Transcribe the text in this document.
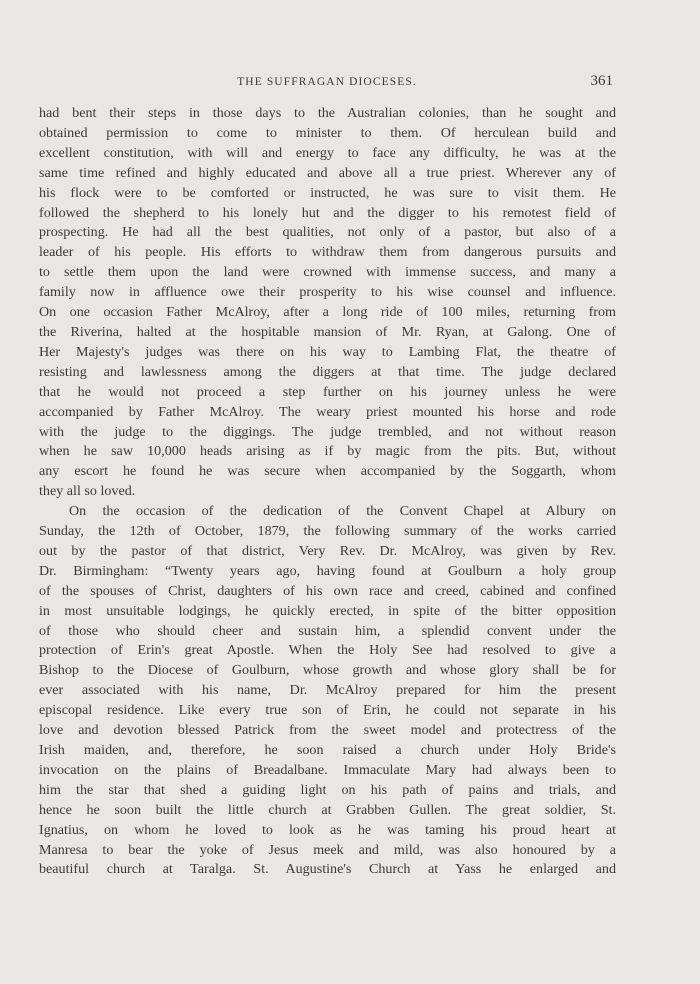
THE SUFFRAGAN DIOCESES.	361
had bent their steps in those days to the Australian colonies, than he sought and
obtained permission to come to minister to them. Of herculean build and
excellent constitution, with will and energy to face any difficulty, he was at the
same time refined and highly educated and above all a true priest. Wherever any of
his flock were to be comforted or instructed, he was sure to visit them. He
followed the shepherd to his lonely hut and the digger to his remotest field of
prospecting. He had all the best qualities, not only of a pastor, but also of a
leader of his people. His efforts to withdraw them from dangerous pursuits and
to settle them upon the land were crowned with immense success, and many a
family now in affluence owe their prosperity to his wise counsel and influence.
On one occasion Father McAlroy, after a long ride of 100 miles, returning from
the Riverina, halted at the hospitable mansion of Mr. Ryan, at Galong. One of
Her Majesty's judges was there on his way to Lambing Flat, the theatre of
resisting and lawlessness among the diggers at that time. The judge declared
that he would not proceed a step further on his journey unless he were
accompanied by Father McAlroy. The weary priest mounted his horse and rode
with the judge to the diggings. The judge trembled, and not without reason
when he saw 10,000 heads arising as if by magic from the pits. But, without
any escort he found he was secure when accompanied by the Soggarth, whom
they all so loved.
On the occasion of the dedication of the Convent Chapel at Albury on
Sunday, the 12th of October, 1879, the following summary of the works carried
out by the pastor of that district, Very Rev. Dr. McAlroy, was given by Rev.
Dr. Birmingham: “Twenty years ago, having found at Goulburn a holy group
of the spouses of Christ, daughters of his own race and creed, cabined and confined
in most unsuitable lodgings, he quickly erected, in spite of the bitter opposition
of those who should cheer and sustain him, a splendid convent under the
protection of Erin's great Apostle. When the Holy See had resolved to give a
Bishop to the Diocese of Goulburn, whose growth and whose glory shall be for
ever associated with his name, Dr. McAlroy prepared for him the present
episcopal residence. Like every true son of Erin, he could not separate in his
love and devotion blessed Patrick from the sweet model and protectress of the
Irish maiden, and, therefore, he soon raised a church under Holy Bride's
invocation on the plains of Breadalbane. Immaculate Mary had always been to
him the star that shed a guiding light on his path of pains and trials, and
hence he soon built the little church at Grabben Gullen. The great soldier, St.
Ignatius, on whom he loved to look as he was taming his proud heart at
Manresa to bear the yoke of Jesus meek and mild, was also honoured by a
beautiful church at Taralga. St. Augustine's Church at Yass he enlarged and
